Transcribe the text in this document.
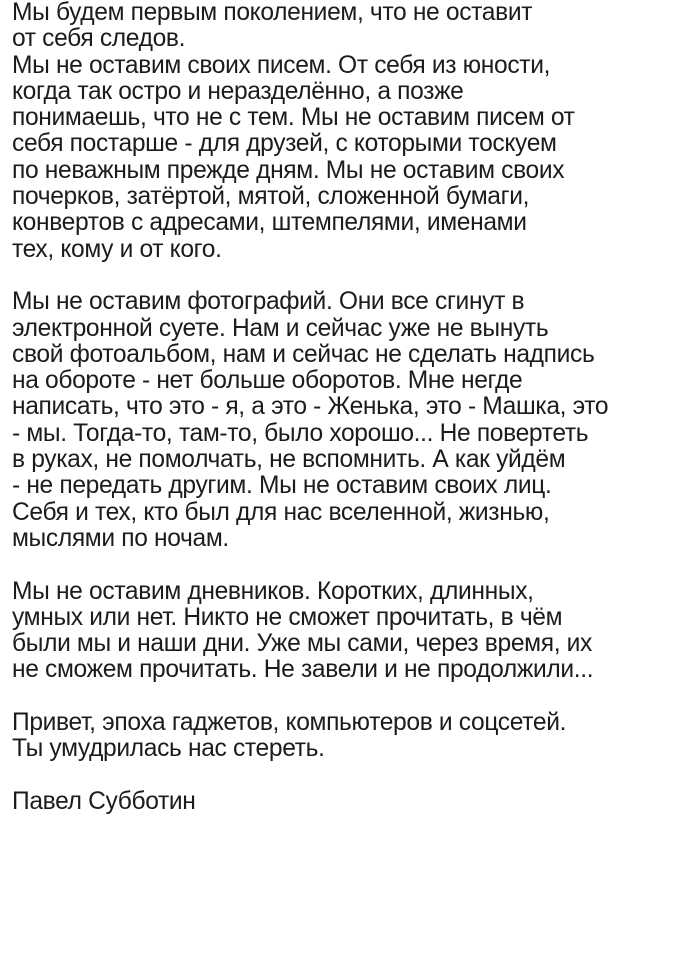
Мы будем первым поколением, что не оставит
от себя следов.
Мы не оставим своих писем. От себя из юности,
когда так остро и неразделённо, а позже
понимаешь, что не с тем. Мы не оставим писем от
себя постарше - для друзей, с которыми тоскуем
по неважным прежде дням. Мы не оставим своих
почерков, затёртой, мятой, сложенной бумаги,
конвертов с адресами, штемпелями, именами
тех, кому и от кого.
Мы не оставим фотографий. Они все сгинут в
электронной суете. Нам и сейчас уже не вынуть
свой фотоальбом, нам и сейчас не сделать надпись
на обороте - нет больше оборотов. Мне негде
написать, что это - я, а это - Женька, это - Машка, это
- мы. Тогда-то, там-то, было хорошо... Не повертеть
в руках, не помолчать, не вспомнить. А как уйдём
- не передать другим. Мы не оставим своих лиц.
Себя и тех, кто был для нас вселенной, жизнью,
мыслями по ночам.
Мы не оставим дневников. Коротких, длинных,
умных или нет. Никто не сможет прочитать, в чём
были мы и наши дни. Уже мы сами, через время, их
не сможем прочитать. Не завели и не продолжили...
Привет, эпоха гаджетов, компьютеров и соцсетей.
Ты умудрилась нас стереть.
Павел Субботин
